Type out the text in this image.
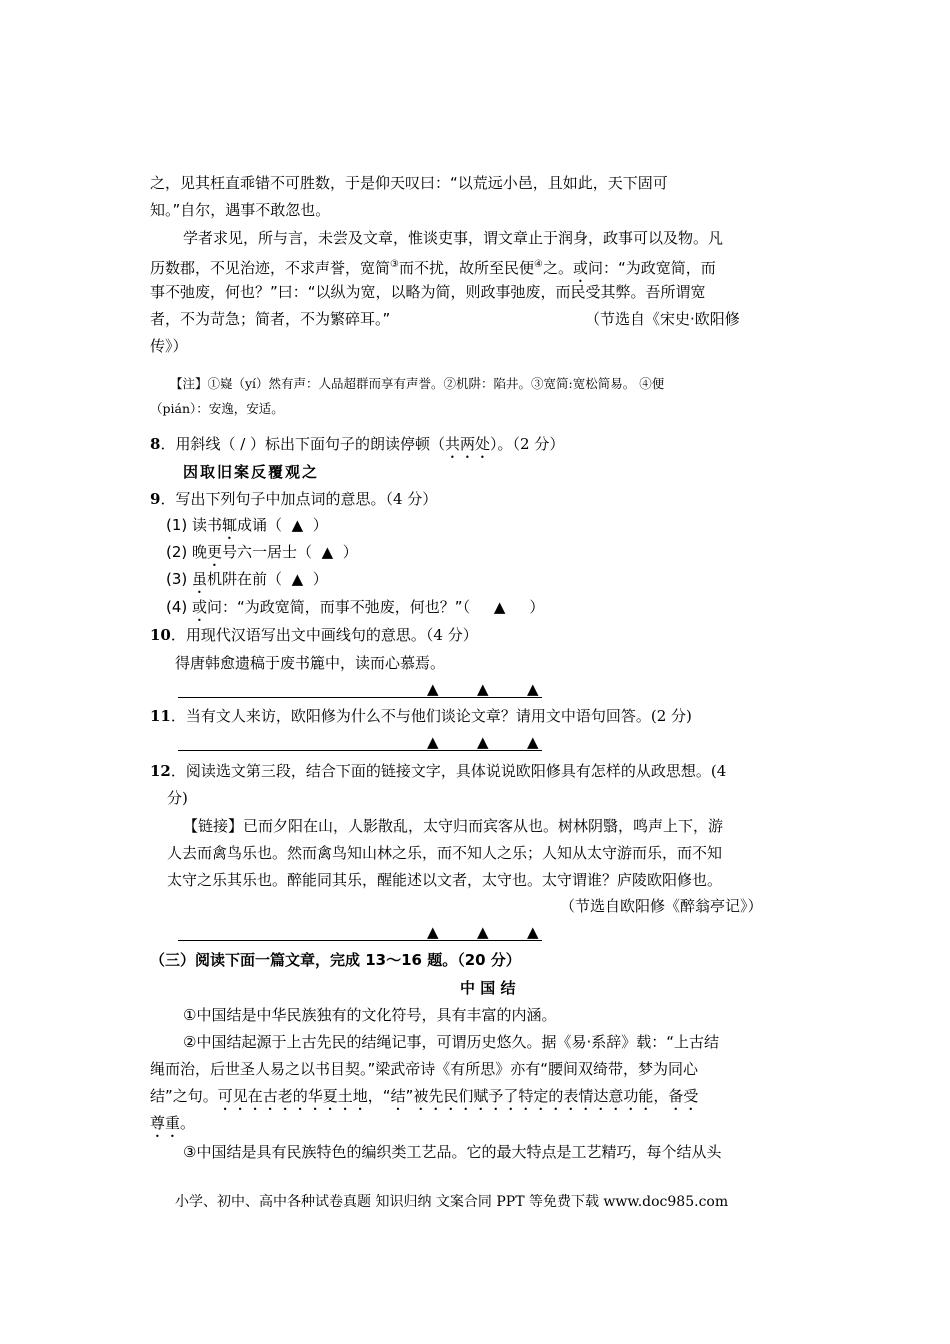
之，见其枉直乖错不可胜数，于是仰天叹曰：“以荒远小邑，且如此，天下固可
知。”自尔，遇事不敢忽也。
学者求见，所与言，未尝及文章，惟谈吏事，谓文章止于润身，政事可以及物。凡
历数郡，不见治迹，不求声誉，宽简③而不扰，故所至民便④之。或问：“为政宽简，而
事不弛废，何也？”曰：“以纵为宽，以略为简，则政事弛废，而民受其弊。吾所谓宽
者，不为苛急；简者，不为繁碎耳。”	（节选自《宋史·欧阳修
传》）
【注】①嶷（yí）然有声：人品超群而享有声誉。②机阱：陷井。③宽简:宽松简易。 ④便
（pián）：安逸，安适。
8．用斜线（ / ）标出下面句子的朗读停顿（共两处）。（2 分）
因取旧案反覆观之
9．写出下列句子中加点词的意思。（4 分）
(1) 读书辄成诵（ ▲ ）
(2) 晚更号六一居士（ ▲ ）
(3) 虽机阱在前（ ▲ ）
(4) 或问：“为政宽简，而事不弛废，何也？”（ ▲ ）
10．用现代汉语写出文中画线句的意思。（4 分）
得唐韩愈遗稿于废书簏中，读而心慕焉。
▲	▲	▲
11．当有文人来访，欧阳修为什么不与他们谈论文章？请用文中语句回答。(2 分)
▲	▲	▲
12．阅读选文第三段，结合下面的链接文字，具体说说欧阳修具有怎样的从政思想。(4
分)
【链接】已而夕阳在山，人影散乱，太守归而宾客从也。树林阴翳，鸣声上下，游
人去而禽鸟乐也。然而禽鸟知山林之乐，而不知人之乐；人知从太守游而乐，而不知
太守之乐其乐也。醉能同其乐，醒能述以文者，太守也。太守谓谁？庐陵欧阳修也。
（节选自欧阳修《醉翁亭记》）
▲	▲	▲
（三）阅读下面一篇文章，完成 13～16 题。（20 分）
中 国 结
①中国结是中华民族独有的文化符号，具有丰富的内涵。
②中国结起源于上古先民的结绳记事，可谓历史悠久。据《易·系辞》载：“上古结
绳而治，后世圣人易之以书目契。”梁武帝诗《有所思》亦有“腰间双绮带，梦为同心
结”之句。可见在古老的华夏土地，“结”被先民们赋予了特定的表情达意功能，备受
尊重。
③中国结是具有民族特色的编织类工艺品。它的最大特点是工艺精巧，每个结从头
小学、初中、高中各种试卷真题 知识归纳 文案合同 PPT 等免费下载 www.doc985.com
